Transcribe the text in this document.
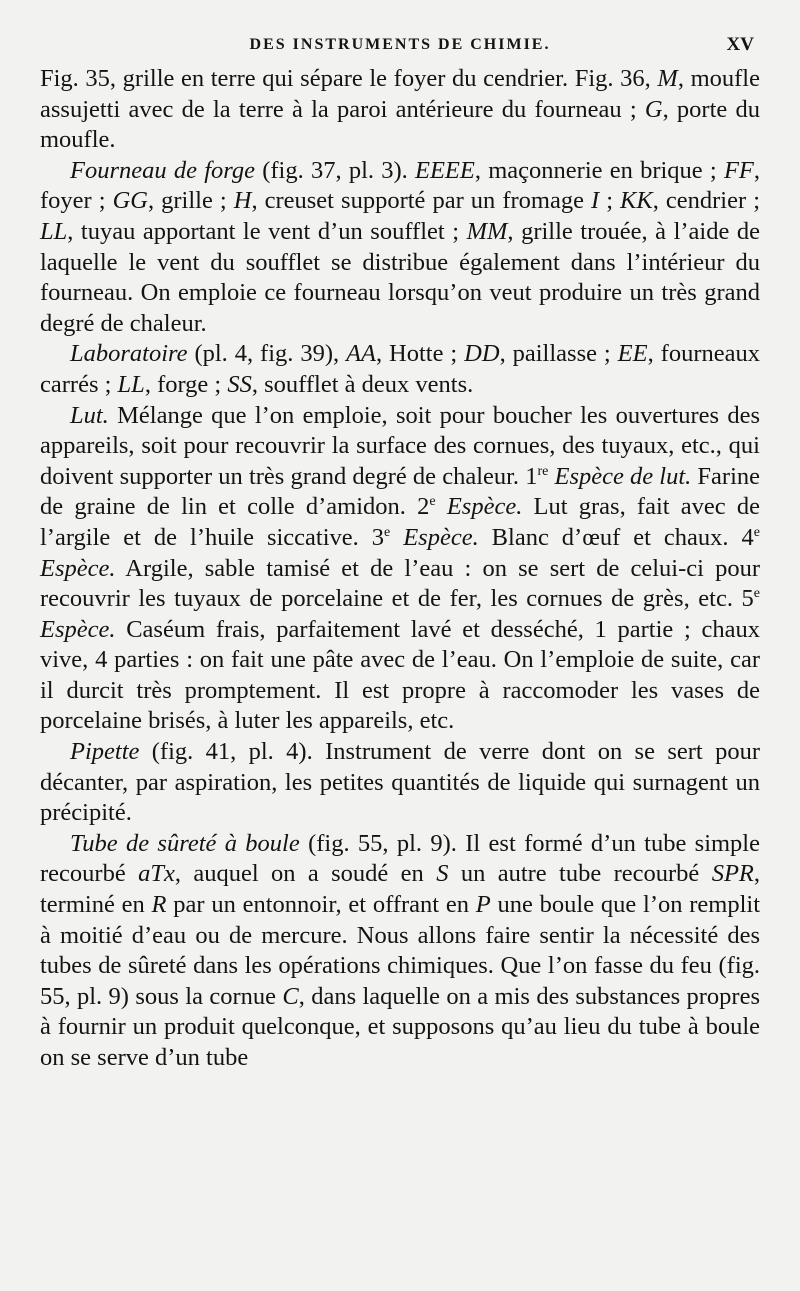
DES INSTRUMENTS DE CHIMIE.	XV

Fig. 35, grille en terre qui sépare le foyer du cendrier. Fig. 36, M, moufle assujetti avec de la terre à la paroi antérieure du fourneau ; G, porte du moufle.

Fourneau de forge (fig. 37, pl. 3). EEEE, maçonnerie en brique ; FF, foyer ; GG, grille ; H, creuset supporté par un fromage I ; KK, cendrier ; LL, tuyau apportant le vent d’un soufflet ; MM, grille trouée, à l’aide de laquelle le vent du soufflet se distribue également dans l’intérieur du fourneau. On emploie ce fourneau lorsqu’on veut produire un très grand degré de chaleur.

Laboratoire (pl. 4, fig. 39), AA, Hotte ; DD, paillasse ; EE, fourneaux carrés ; LL, forge ; SS, soufflet à deux vents.

Lut. Mélange que l’on emploie, soit pour boucher les ouvertures des appareils, soit pour recouvrir la surface des cornues, des tuyaux, etc., qui doivent supporter un très grand degré de chaleur. 1re Espèce de lut. Farine de graine de lin et colle d’amidon. 2e Espèce. Lut gras, fait avec de l’argile et de l’huile siccative. 3e Espèce. Blanc d’œuf et chaux. 4e Espèce. Argile, sable tamisé et de l’eau : on se sert de celui-ci pour recouvrir les tuyaux de porcelaine et de fer, les cornues de grès, etc. 5e Espèce. Caséum frais, parfaitement lavé et desséché, 1 partie ; chaux vive, 4 parties : on fait une pâte avec de l’eau. On l’emploie de suite, car il durcit très promptement. Il est propre à raccomoder les vases de porcelaine brisés, à luter les appareils, etc.

Pipette (fig. 41, pl. 4). Instrument de verre dont on se sert pour décanter, par aspiration, les petites quantités de liquide qui surnagent un précipité.

Tube de sûreté à boule (fig. 55, pl. 9). Il est formé d’un tube simple recourbé aTx, auquel on a soudé en S un autre tube recourbé SPR, terminé en R par un entonnoir, et offrant en P une boule que l’on remplit à moitié d’eau ou de mercure. Nous allons faire sentir la nécessité des tubes de sûreté dans les opérations chimiques. Que l’on fasse du feu (fig. 55, pl. 9) sous la cornue C, dans laquelle on a mis des substances propres à fournir un produit quelconque, et supposons qu’au lieu du tube à boule on se serve d’un tube
